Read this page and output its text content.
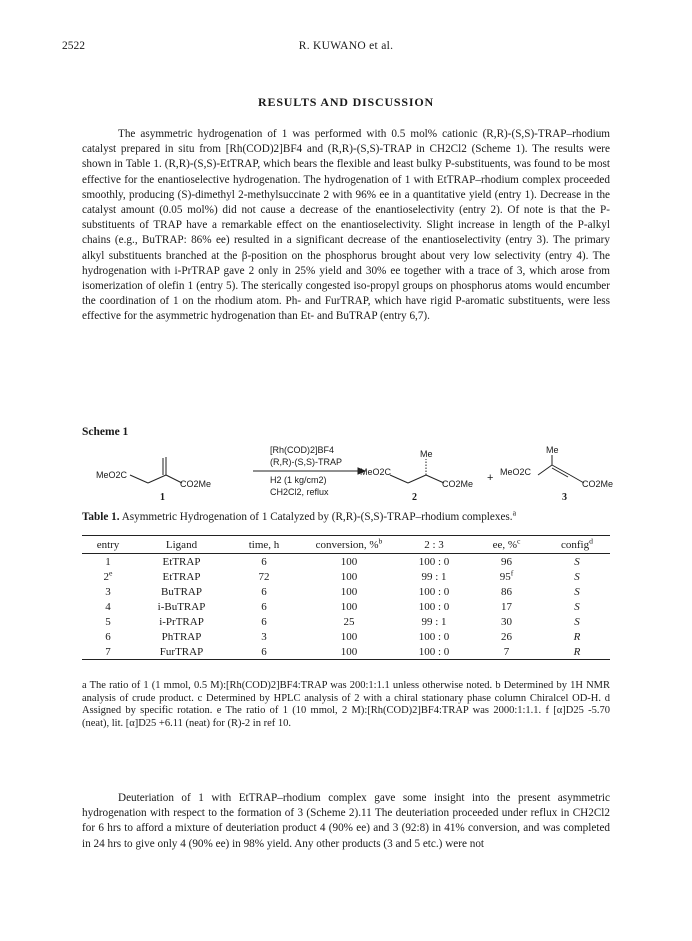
2522	R. KUWANO et al.
RESULTS AND DISCUSSION
The asymmetric hydrogenation of 1 was performed with 0.5 mol% cationic (R,R)-(S,S)-TRAP–rhodium catalyst prepared in situ from [Rh(COD)2]BF4 and (R,R)-(S,S)-TRAP in CH2Cl2 (Scheme 1). The results were shown in Table 1. (R,R)-(S,S)-EtTRAP, which bears the flexible and least bulky P-substituents, was found to be most effective for the enantioselective hydrogenation. The hydrogenation of 1 with EtTRAP–rhodium complex proceeded smoothly, producing (S)-dimethyl 2-methylsuccinate 2 with 96% ee in a quantitative yield (entry 1). Decrease in the catalyst amount (0.05 mol%) did not cause a decrease of the enantioselectivity (entry 2). Of note is that the P-substituents of TRAP have a remarkable effect on the enantioselectivity. Slight increase in length of the P-alkyl chains (e.g., BuTRAP: 86% ee) resulted in a significant decrease of the enantioselectivity (entry 3). The primary alkyl substituents branched at the β-position on the phosphorus brought about very low selectivity (entry 4). The hydrogenation with i-PrTRAP gave 2 only in 25% yield and 30% ee together with a trace of 3, which arose from isomerization of olefin 1 (entry 5). The sterically congested iso-propyl groups on phosphorus atoms would encumber the coordination of 1 on the rhodium atom. Ph- and FurTRAP, which have rigid P-aromatic substituents, were less effective for the asymmetric hydrogenation than Et- and BuTRAP (entry 6,7).
Scheme 1
MeO2C
CO2Me
1
[Rh(COD)2]BF4
(R,R)-(S,S)-TRAP
H2 (1 kg/cm2)
CH2Cl2, reflux
MeO2C
Me
CO2Me
2
+ MeO2C
Me
CO2Me
3
Table 1. Asymmetric Hydrogenation of 1 Catalyzed by (R,R)-(S,S)-TRAP–rhodium complexes.$^a$
entry	Ligand	time, h	conversion, %$^b$	2 : 3	ee, %$^c$	config$^d$
1	EtTRAP	6	100	100 : 0	96	S
2e	EtTRAP	72	100	99 : 1	95$^f$	S
3	BuTRAP	6	100	100 : 0	86	S
4	i-BuTRAP	6	100	100 : 0	17	S
5	i-PrTRAP	6	25	99 : 1	30	S
6	PhTRAP	3	100	100 : 0	26	R
7	FurTRAP	6	100	100 : 0	7	R
a The ratio of 1 (1 mmol, 0.5 M):[Rh(COD)2]BF4:TRAP was 200:1:1.1 unless otherwise noted. b Determined by 1H NMR analysis of crude product. c Determined by HPLC analysis of 2 with a chiral stationary phase column Chiralcel OD-H. d Assigned by specific rotation. e The ratio of 1 (10 mmol, 2 M):[Rh(COD)2]BF4:TRAP was 2000:1:1.1. f [α]D25 -5.70 (neat), lit. [α]D25 +6.11 (neat) for (R)-2 in ref 10.
Deuteriation of 1 with EtTRAP–rhodium complex gave some insight into the present asymmetric hydrogenation with respect to the formation of 3 (Scheme 2).11 The deuteriation proceeded under reflux in CH2Cl2 for 6 hrs to afford a mixture of deuteriation product 4 (90% ee) and 3 (92:8) in 41% conversion, and was completed in 24 hrs to give only 4 (90% ee) in 98% yield. Any other products (3 and 5 etc.) were not
